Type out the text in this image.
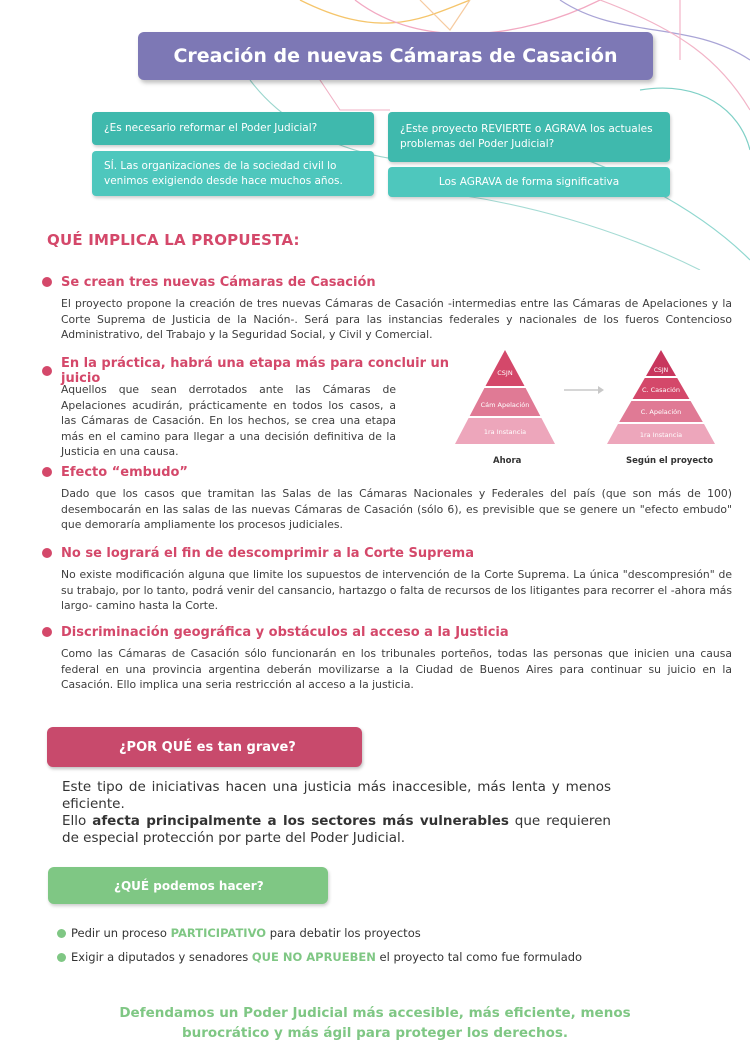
Creación de nuevas Cámaras de Casación
¿Es necesario reformar el Poder Judicial?
SÍ. Las organizaciones de la sociedad civil lo venimos exigiendo desde hace muchos años.
¿Este proyecto REVIERTE o AGRAVA los actuales problemas del Poder Judicial?
Los AGRAVA de forma significativa
QUÉ IMPLICA LA PROPUESTA:
Se crean tres nuevas Cámaras de Casación
El proyecto propone la creación de tres nuevas Cámaras de Casación -intermedias entre las Cámaras de Apelaciones y la Corte Suprema de Justicia de la Nación-. Será para las instancias federales y nacionales de los fueros Contencioso Administrativo, del Trabajo y la Seguridad Social, y Civil y Comercial.
En la práctica, habrá una etapa más para concluir un juicio
Aquellos que sean derrotados ante las Cámaras de Apelaciones acudirán, prácticamente en todos los casos, a las Cámaras de Casación. En los hechos, se crea una etapa más en el camino para llegar a una decisión definitiva de la Justicia en una causa.
CSJN
Cám Apelación
1ra Instancia
CSJN
C. Casación
C. Apelación
1ra Instancia
Ahora	Según el proyecto
Efecto “embudo”
Dado que los casos que tramitan las Salas de las Cámaras Nacionales y Federales del país (que son más de 100) desembocarán en las salas de las nuevas Cámaras de Casación (sólo 6), es previsible que se genere un "efecto embudo" que demoraría ampliamente los procesos judiciales.
No se logrará el fin de descomprimir a la Corte Suprema
No existe modificación alguna que limite los supuestos de intervención de la Corte Suprema. La única "descompresión" de su trabajo, por lo tanto, podrá venir del cansancio, hartazgo o falta de recursos de los litigantes para recorrer el -ahora más largo- camino hasta la Corte.
Discriminación geográfica y obstáculos al acceso a la Justicia
Como las Cámaras de Casación sólo funcionarán en los tribunales porteños, todas las personas que inicien una causa federal en una provincia argentina deberán movilizarse a la Ciudad de Buenos Aires para continuar su juicio en la Casación. Ello implica una seria restricción al acceso a la justicia.
¿POR QUÉ es tan grave?
Este tipo de iniciativas hacen una justicia más inaccesible, más lenta y menos eficiente.
Ello afecta principalmente a los sectores más vulnerables que requieren de especial protección por parte del Poder Judicial.
¿QUÉ podemos hacer?
Pedir un proceso
PARTICIPATIVO
para debatir los proyectos
Exigir a diputados y senadores
QUE NO APRUEBEN
el proyecto tal como fue formulado
Defendamos un Poder Judicial más accesible, más eficiente, menos burocrático y más ágil para proteger los derechos.
